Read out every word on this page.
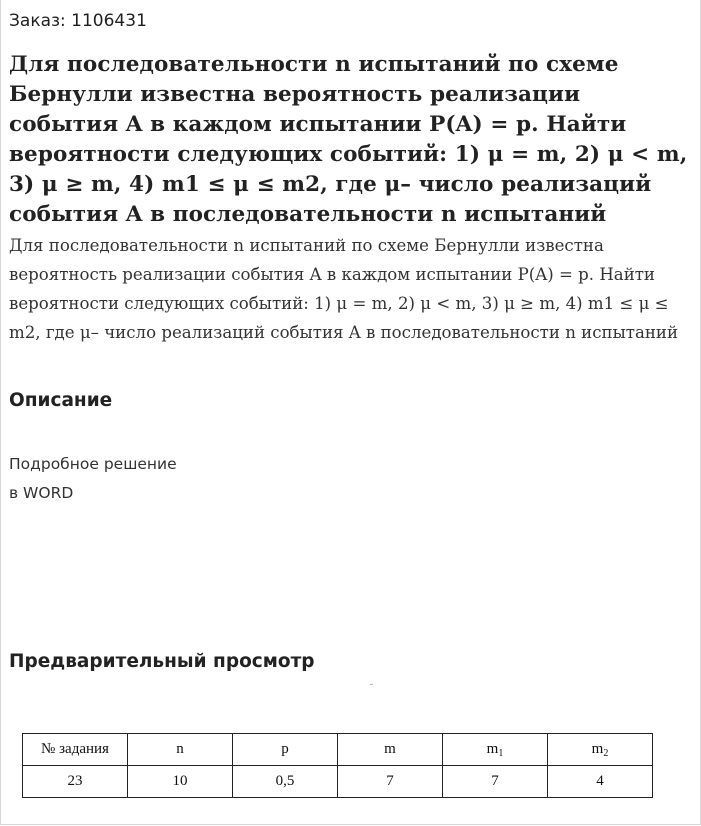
Заказ: 1106431
Для последовательности n испытаний по схеме Бернулли известна вероятность реализации события A в каждом испытании P(A) = p. Найти вероятности следующих событий: 1) μ = m, 2) μ < m, 3) μ ≥ m, 4) m1 ≤ μ ≤ m2, где μ– число реализаций события A в последовательности n испытаний

Для последовательности n испытаний по схеме Бернулли известна вероятность реализации события A в каждом испытании P(A) = p. Найти вероятности следующих событий: 1) μ = m, 2) μ < m, 3) μ ≥ m, 4) m1 ≤ μ ≤ m2, где μ– число реализаций события A в последовательности n испытаний

Описание

Подробное решение

в WORD

Предварительный просмотр
№ задания	n	p	m	$m_1$	$m_2$
23	10	0,5	7	7	4
